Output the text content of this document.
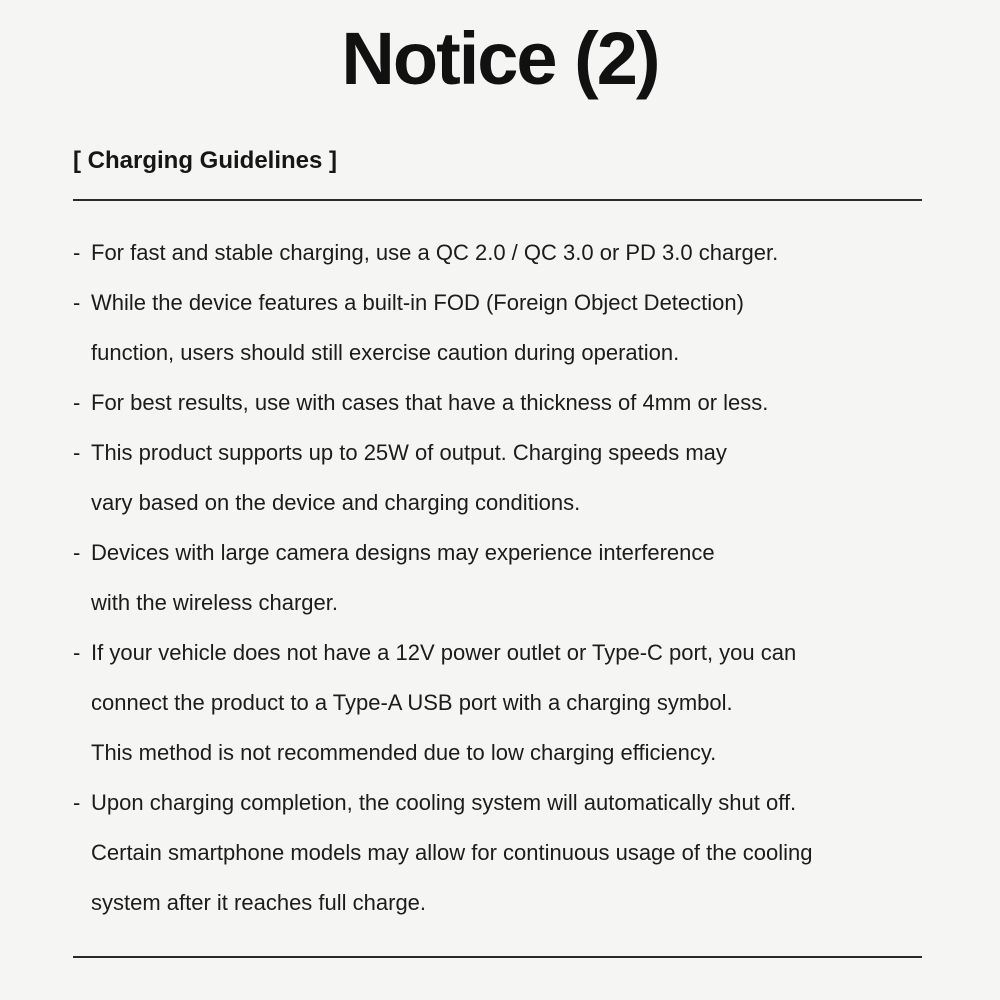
Notice (2)
[ Charging Guidelines ]
- For fast and stable charging, use a QC 2.0 / QC 3.0 or PD 3.0 charger.
- While the device features a built-in FOD (Foreign Object Detection)
function, users should still exercise caution during operation.
- For best results, use with cases that have a thickness of 4mm or less.
- This product supports up to 25W of output. Charging speeds may
vary based on the device and charging conditions.
- Devices with large camera designs may experience interference
with the wireless charger.
- If your vehicle does not have a 12V power outlet or Type-C port, you can
connect the product to a Type-A USB port with a charging symbol.
This method is not recommended due to low charging efficiency.
- Upon charging completion, the cooling system will automatically shut off.
Certain smartphone models may allow for continuous usage of the cooling
system after it reaches full charge.
